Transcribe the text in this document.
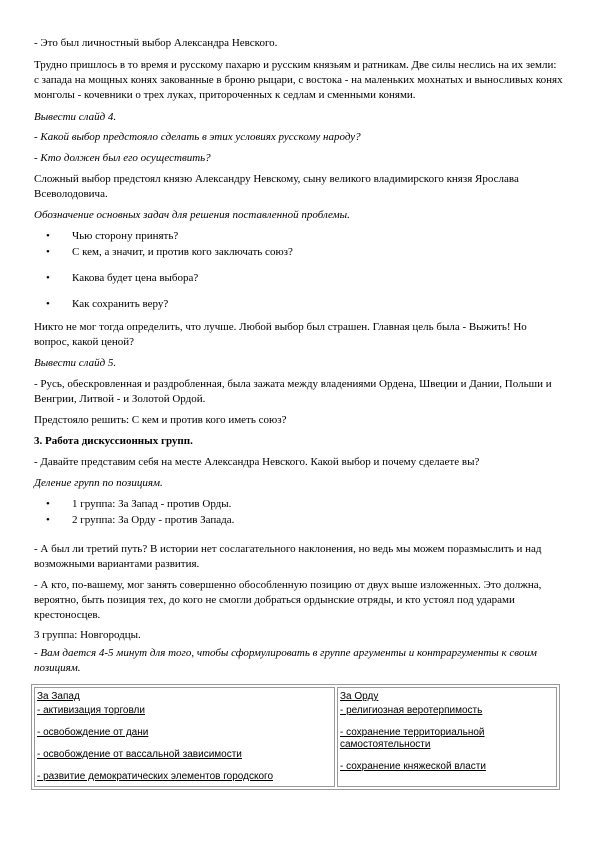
- Это был личностный выбор Александра Невского.

Трудно пришлось в то время и русскому пахарю и русским князьям и ратникам. Две силы неслись на их земли: с запада на мощных конях закованные в броню рыцари, с востока - на маленьких мохнатых и выносливых конях монголы - кочевники о трех луках, притороченных к седлам и сменными конями.

Вывести слайд 4.

- Какой выбор предстояло сделать в этих условиях русскому народу?

- Кто должен был его осуществить?

Сложный выбор предстоял князю Александру Невскому, сыну великого владимирского князя Ярослава Всеволодовича.

Обозначение основных задач для решения поставленной проблемы.

• Чью сторону принять?
• С кем, а значит, и против кого заключать союз?
• Какова будет цена выбора?
• Как сохранить веру?

Никто не мог тогда определить, что лучше. Любой выбор был страшен. Главная цель была - Выжить! Но вопрос, какой ценой?

Вывести слайд 5.

- Русь, обескровленная и раздробленная, была зажата между владениями Ордена, Швеции и Дании, Польши и Венгрии, Литвой - и Золотой Ордой.

Предстояло решить: С кем и против кого иметь союз?

3. Работа дискуссионных групп.

- Давайте представим себя на месте Александра Невского. Какой выбор и почему сделаете вы?

Деление групп по позициям.

• 1 группа: За Запад - против Орды.
• 2 группа: За Орду - против Запада.

- А был ли третий путь? В истории нет сослагательного наклонения, но ведь мы можем поразмыслить и над возможными вариантами развития.

- А кто, по-вашему, мог занять совершенно обособленную позицию от двух выше изложенных. Это должна, вероятно, быть позиция тех, до кого не смогли добраться ордынские отряды, и кто устоял под ударами крестоносцев.

3 группа: Новгородцы.

- Вам дается 4-5 минут для того, чтобы сформулировать в группе аргументы и контраргументы к своим позициям.

За Запад
- активизация торговли
- освобождение от дани
- освобождение от вассальной зависимости
- развитие демократических элементов городского

За Орду
- религиозная веротерпимость
- сохранение территориальной самостоятельности
- сохранение княжеской власти
